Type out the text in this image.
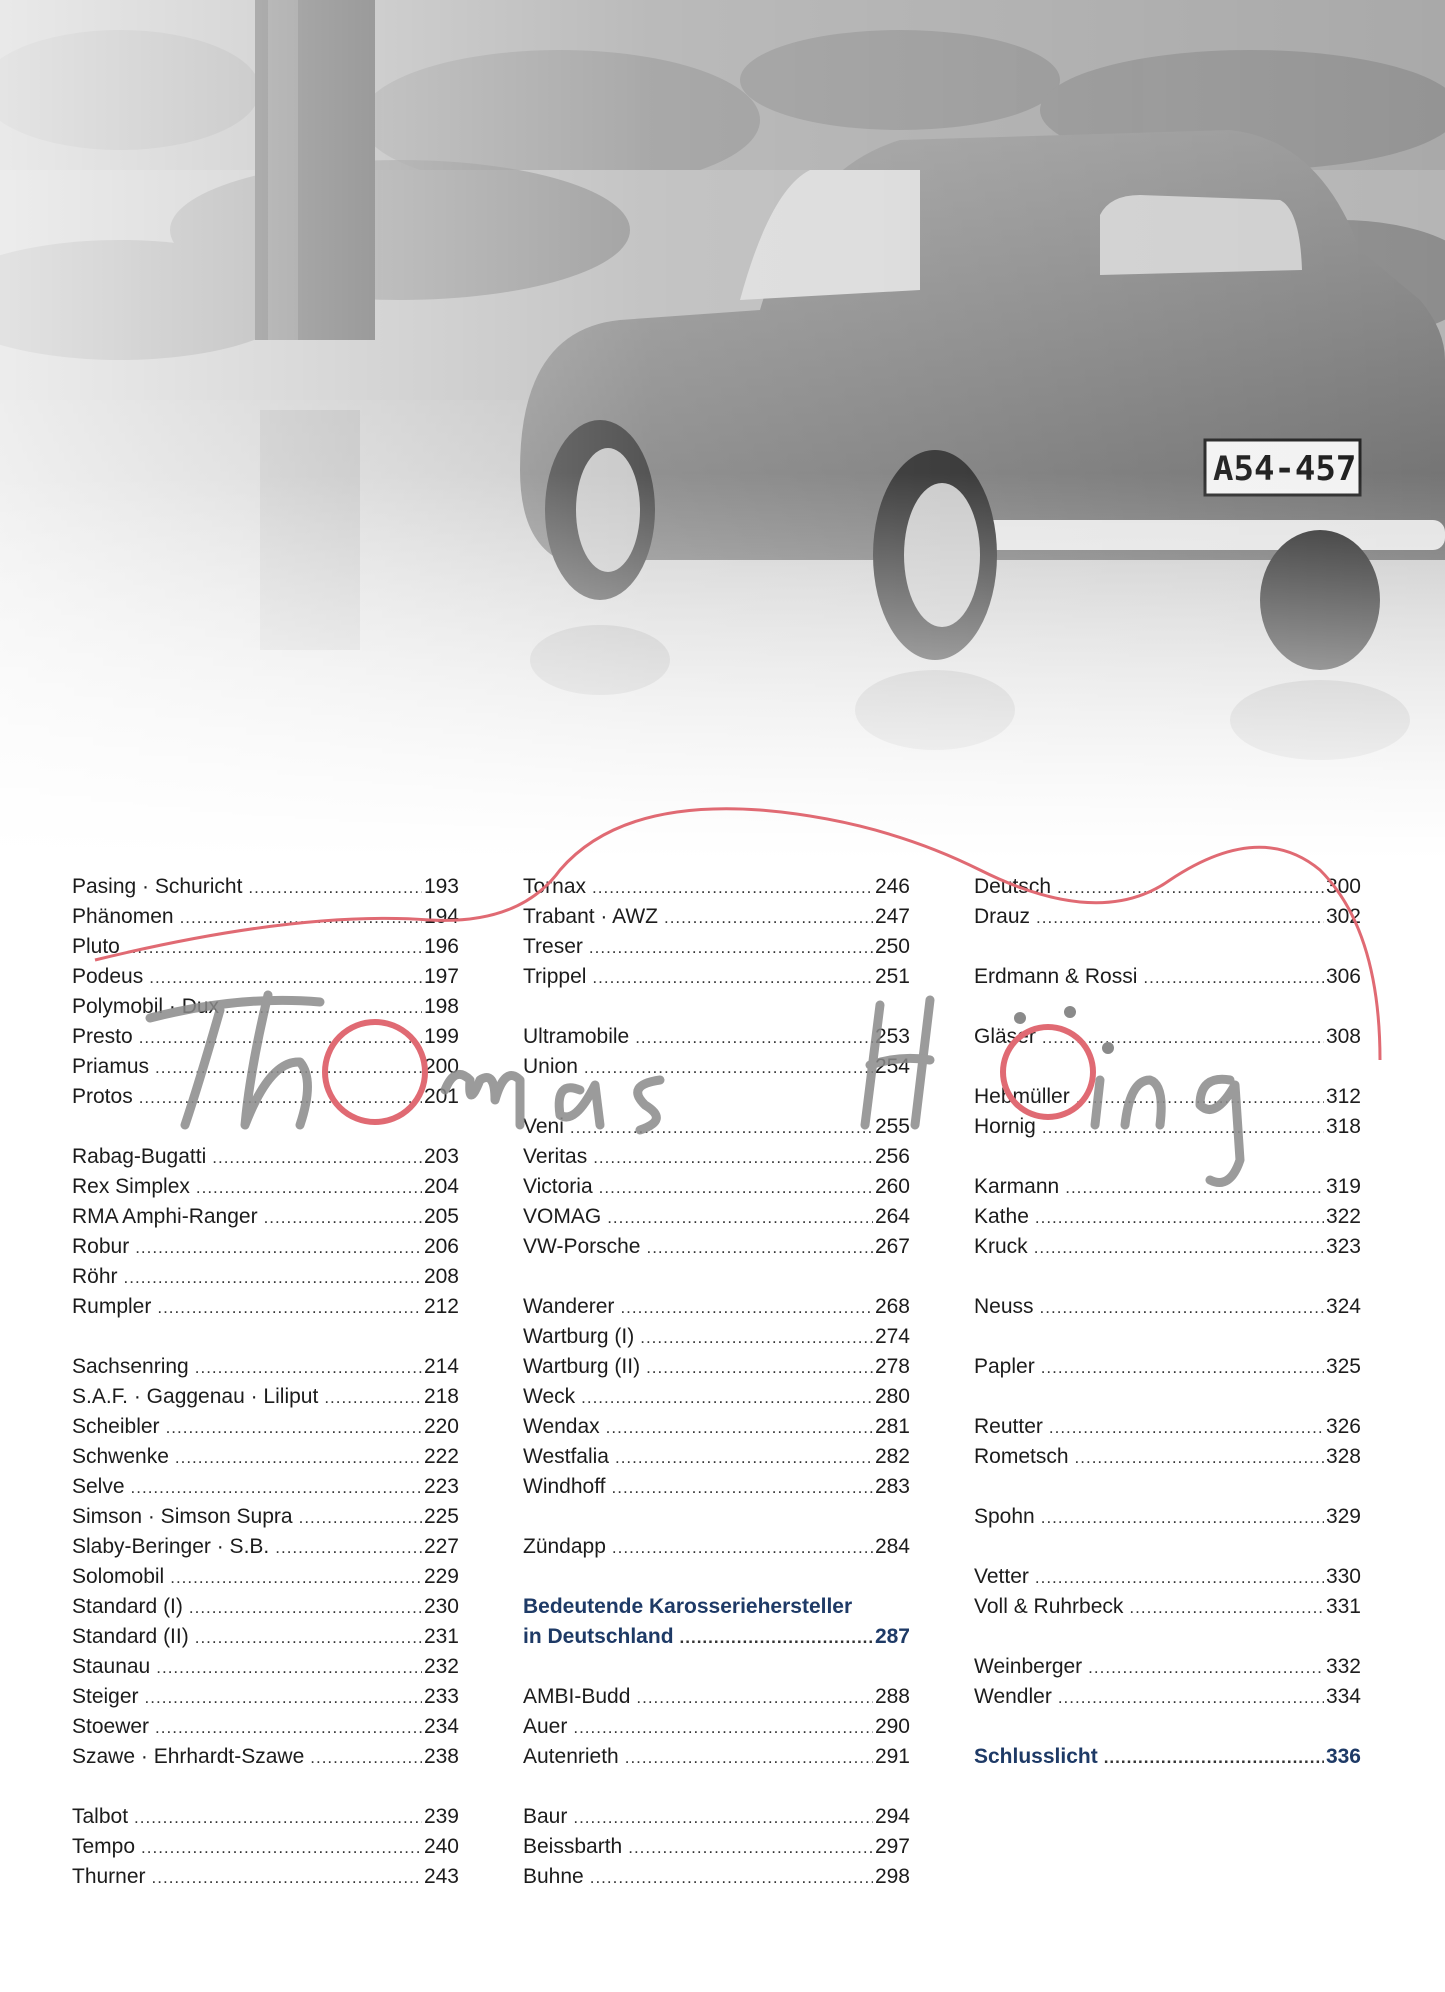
Pasing · Schuricht .....	193
Phänomen .....	194
Pluto .....	196
Podeus .....	197
Polymobil · Dux .....	198
Presto .....	199
Priamus .....	200
Protos .....	201
Rabag-Bugatti .....	203
Rex Simplex .....	204
RMA Amphi-Ranger .....	205
Robur .....	206
Röhr .....	208
Rumpler .....	212
Sachsenring .....	214
S.A.F. · Gaggenau · Liliput .....	218
Scheibler .....	220
Schwenke .....	222
Selve .....	223
Simson · Simson Supra .....	225
Slaby-Beringer · S.B. .....	227
Solomobil .....	229
Standard (I) .....	230
Standard (II) .....	231
Staunau .....	232
Steiger .....	233
Stoewer .....	234
Szawe · Ehrhardt-Szawe .....	238
Talbot .....	239
Tempo .....	240
Thurner .....	243
Tornax .....	246
Trabant · AWZ .....	247
Treser .....	250
Trippel .....	251
Ultramobile .....	253
Union .....	254
Veni .....	255
Veritas .....	256
Victoria .....	260
VOMAG .....	264
VW-Porsche .....	267
Wanderer .....	268
Wartburg (I) .....	274
Wartburg (II) .....	278
Weck .....	280
Wendax .....	281
Westfalia .....	282
Windhoff .....	283
Zündapp .....	284
Bedeutende Karosseriehersteller
in Deutschland .....	287
AMBI-Budd .....	288
Auer .....	290
Autenrieth .....	291
Baur .....	294
Beissbarth .....	297
Buhne .....	298
Deutsch .....	300
Drauz .....	302
Erdmann & Rossi .....	306
Gläser .....	308
Hebmüller .....	312
Hornig .....	318
Karmann .....	319
Kathe .....	322
Kruck .....	323
Neuss .....	324
Papler .....	325
Reutter .....	326
Rometsch .....	328
Spohn .....	329
Vetter .....	330
Voll & Ruhrbeck .....	331
Weinberger .....	332
Wendler .....	334
Schlusslicht .....	336
